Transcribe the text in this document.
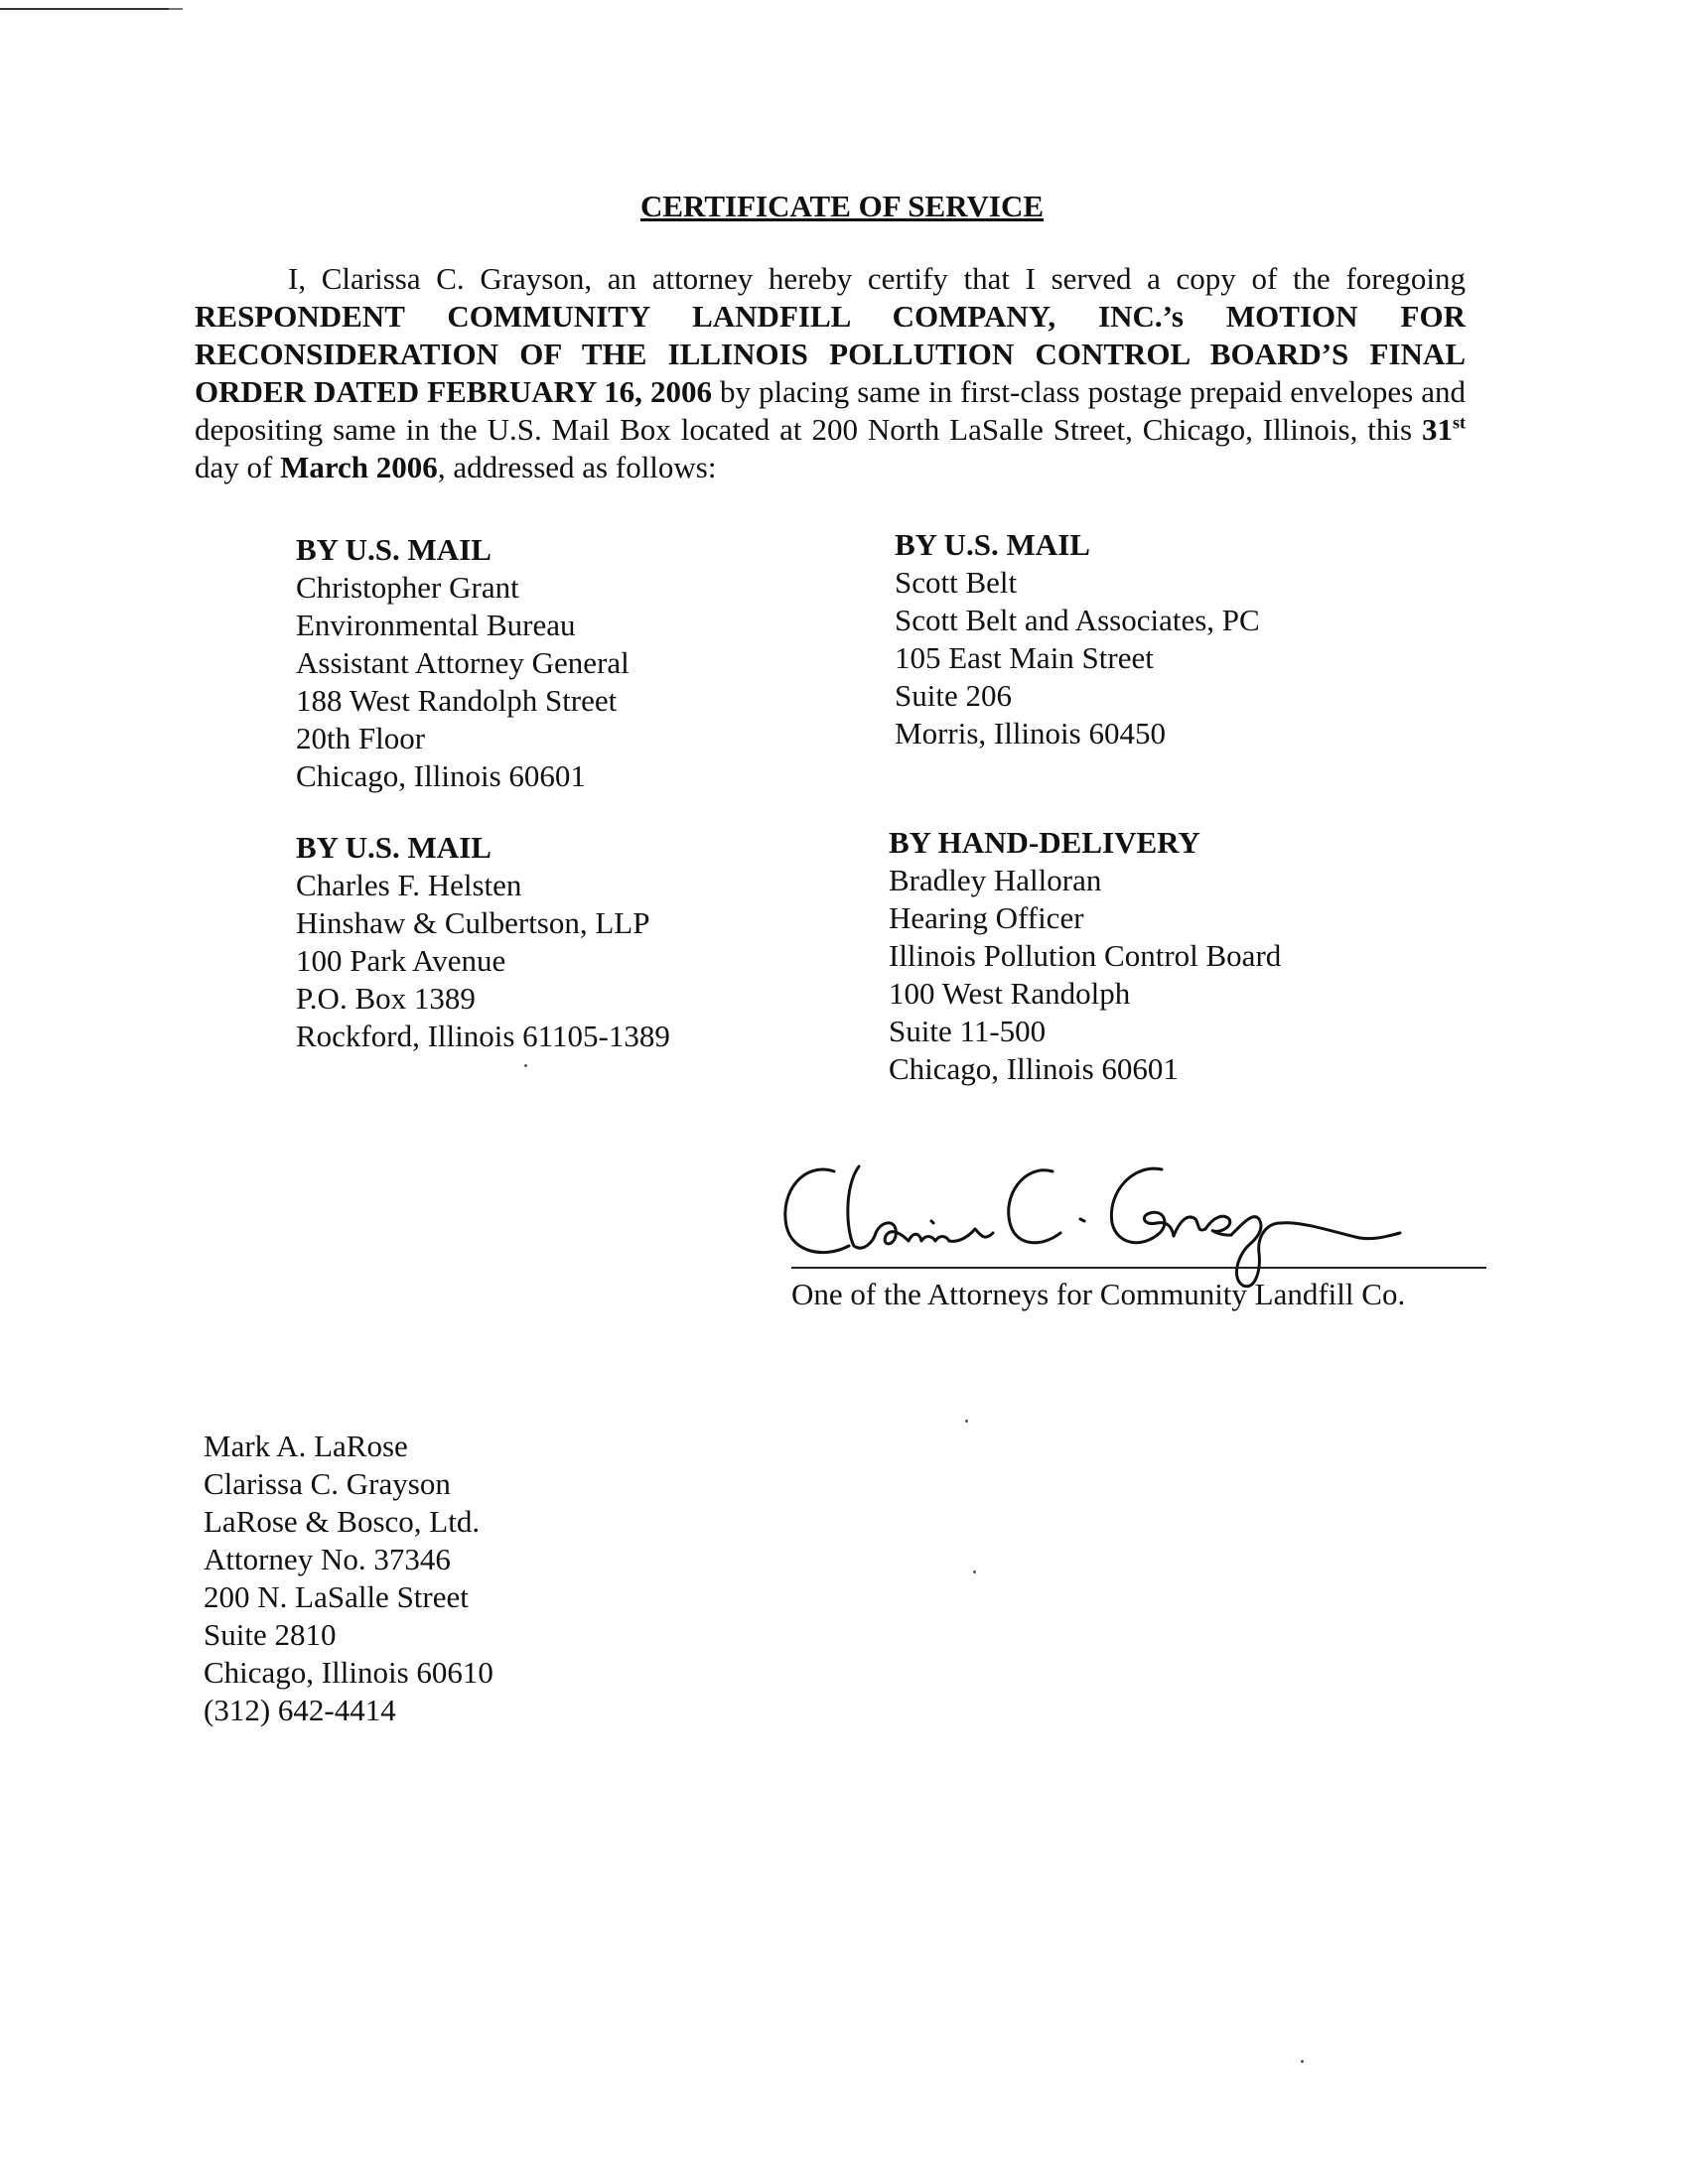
CERTIFICATE OF SERVICE
I, Clarissa C. Grayson, an attorney hereby certify that I served a copy of the foregoing RESPONDENT COMMUNITY LANDFILL COMPANY, INC.’s MOTION FOR RECONSIDERATION OF THE ILLINOIS POLLUTION CONTROL BOARD’S FINAL ORDER DATED FEBRUARY 16, 2006 by placing same in first-class postage prepaid envelopes and depositing same in the U.S. Mail Box located at 200 North LaSalle Street, Chicago, Illinois, this 31st day of March 2006, addressed as follows:
BY U.S. MAIL
Christopher Grant
Environmental Bureau
Assistant Attorney General
188 West Randolph Street
20th Floor
Chicago, Illinois 60601
BY U.S. MAIL
Scott Belt
Scott Belt and Associates, PC
105 East Main Street
Suite 206
Morris, Illinois 60450
BY U.S. MAIL
Charles F. Helsten
Hinshaw & Culbertson, LLP
100 Park Avenue
P.O. Box 1389
Rockford, Illinois 61105-1389
BY HAND-DELIVERY
Bradley Halloran
Hearing Officer
Illinois Pollution Control Board
100 West Randolph
Suite 11-500
Chicago, Illinois 60601
One of the Attorneys for Community Landfill Co.
Mark A. LaRose
Clarissa C. Grayson
LaRose & Bosco, Ltd.
Attorney No. 37346
200 N. LaSalle Street
Suite 2810
Chicago, Illinois 60610
(312) 642-4414
